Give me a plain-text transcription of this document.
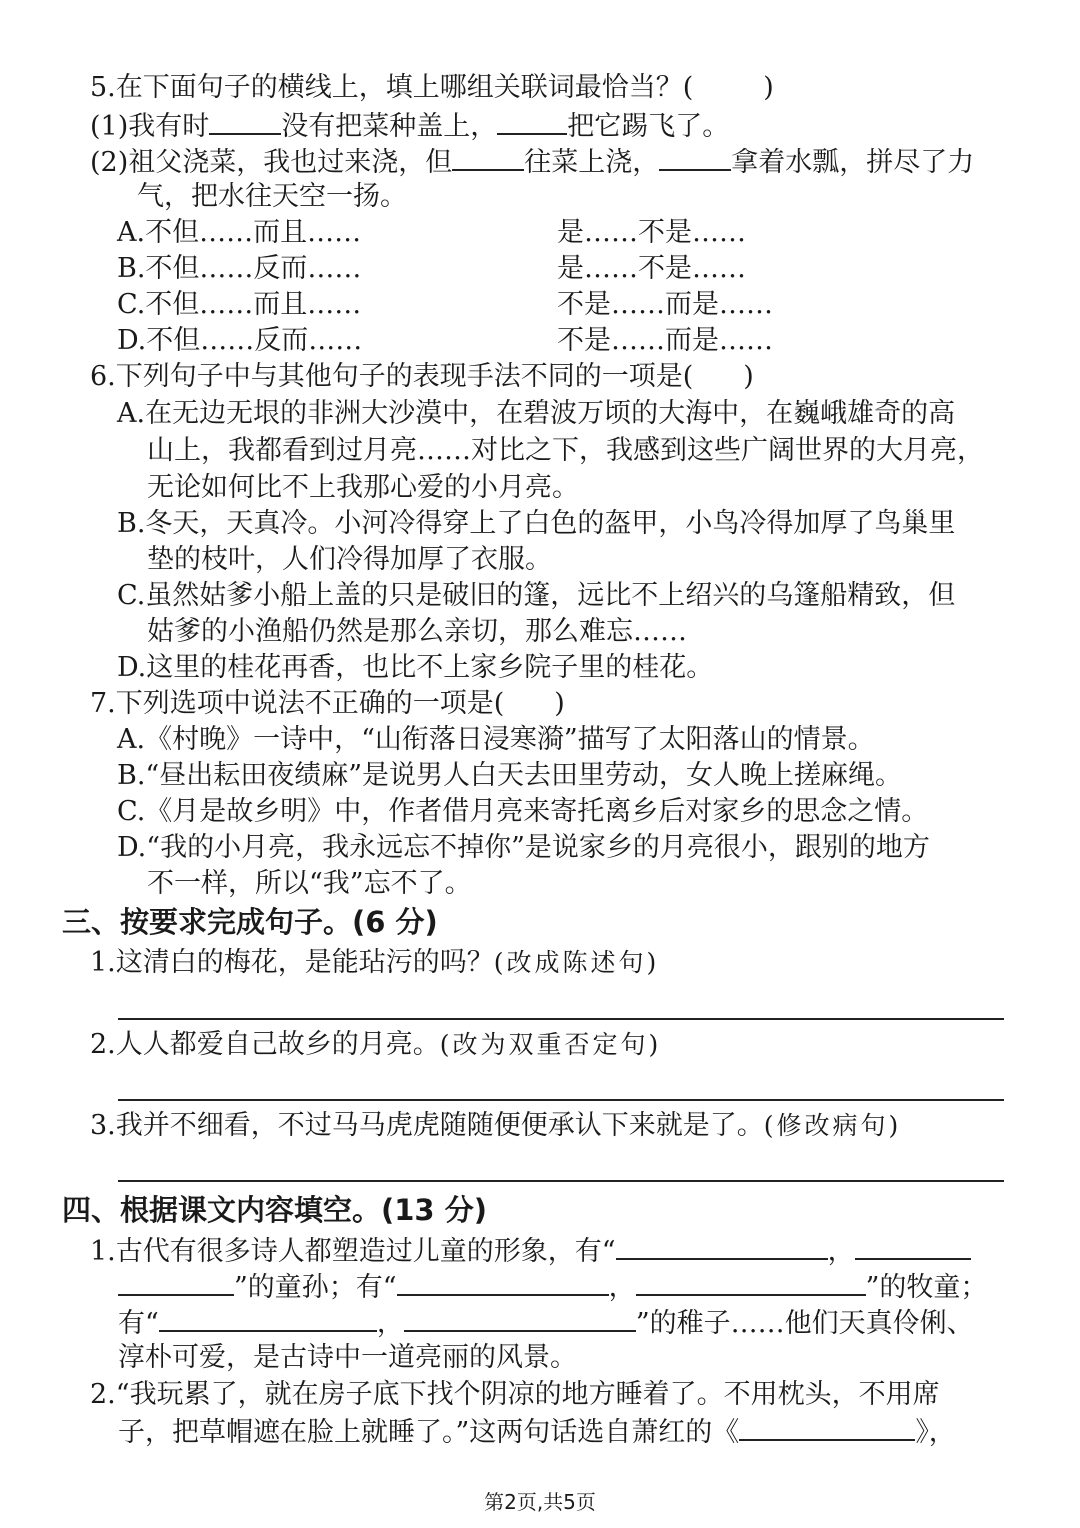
5.在下面句子的横线上，填上哪组关联词最恰当？(	)
(1)我有时	没有把菜种盖上，	把它踢飞了。
(2)祖父浇菜，我也过来浇，但	往菜上浇，	拿着水瓢，拼尽了力
气，把水往天空一扬。
A.不但……而且……	是……不是……
B.不但……反而……	是……不是……
C.不但……而且……	不是……而是……
D.不但……反而……	不是……而是……
6.下列句子中与其他句子的表现手法不同的一项是( )
A.在无边无垠的非洲大沙漠中，在碧波万顷的大海中，在巍峨雄奇的高
山上，我都看到过月亮……对比之下，我感到这些广阔世界的大月亮，
无论如何比不上我那心爱的小月亮。
B.冬天，天真冷。小河冷得穿上了白色的盔甲，小鸟冷得加厚了鸟巢里
垫的枝叶，人们冷得加厚了衣服。
C.虽然姑爹小船上盖的只是破旧的篷，远比不上绍兴的乌篷船精致，但
姑爹的小渔船仍然是那么亲切，那么难忘……
D.这里的桂花再香，也比不上家乡院子里的桂花。
7.下列选项中说法不正确的一项是( )
A.《村晚》一诗中，“山衔落日浸寒漪”描写了太阳落山的情景。
B.“昼出耘田夜绩麻”是说男人白天去田里劳动，女人晚上搓麻绳。
C.《月是故乡明》中，作者借月亮来寄托离乡后对家乡的思念之情。
D.“我的小月亮，我永远忘不掉你”是说家乡的月亮很小，跟别的地方
不一样，所以“我”忘不了。
三、按要求完成句子。(6 分)
1.这清白的梅花，是能玷污的吗？(改成陈述句)
2.人人都爱自己故乡的月亮。(改为双重否定句)
3.我并不细看，不过马马虎虎随随便便承认下来就是了。(修改病句)
四、根据课文内容填空。(13 分)
1.古代有很多诗人都塑造过儿童的形象，有“	，
”的童孙；有“	，	”的牧童；
有“	，	”的稚子……他们天真伶俐、
淳朴可爱，是古诗中一道亮丽的风景。
2.“我玩累了，就在房子底下找个阴凉的地方睡着了。不用枕头，不用席
子，把草帽遮在脸上就睡了。”这两句话选自萧红的《	》，
第2页,共5页
